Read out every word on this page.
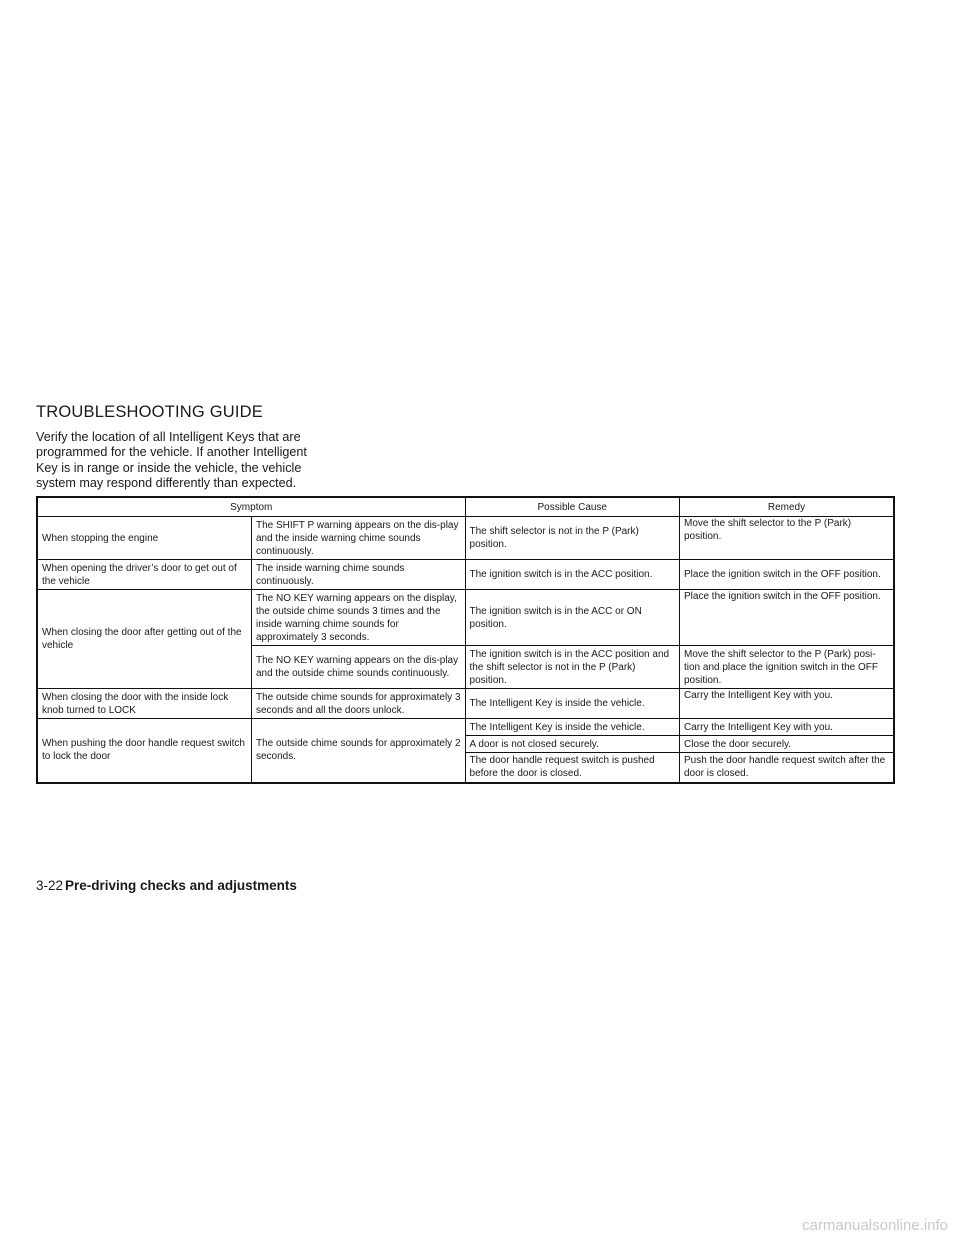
TROUBLESHOOTING GUIDE

Verify the location of all Intelligent Keys that are
programmed for the vehicle. If another Intelligent
Key is in range or inside the vehicle, the vehicle
system may respond differently than expected.

Symptom		Possible Cause	Remedy
When stopping the engine	The SHIFT P warning appears on the dis-play and the inside warning chime sounds continuously.	The shift selector is not in the P (Park) position.	Move the shift selector to the P (Park) position.
When opening the driver’s door to get out of the vehicle	The inside warning chime sounds continuously.	The ignition switch is in the ACC position.	Place the ignition switch in the OFF position.
When closing the door after getting out of the vehicle	The NO KEY warning appears on the display, the outside chime sounds 3 times and the inside warning chime sounds for approximately 3 seconds.	The ignition switch is in the ACC or ON position.	Place the ignition switch in the OFF position.
	The NO KEY warning appears on the dis-play and the outside chime sounds continuously.	The ignition switch is in the ACC position and the shift selector is not in the P (Park) position.	Move the shift selector to the P (Park) posi-tion and place the ignition switch in the OFF position.
When closing the door with the inside lock knob turned to LOCK	The outside chime sounds for approximately 3 seconds and all the doors unlock.	The Intelligent Key is inside the vehicle.	Carry the Intelligent Key with you.
When pushing the door handle request switch to lock the door	The outside chime sounds for approximately 2 seconds.	The Intelligent Key is inside the vehicle.	Carry the Intelligent Key with you.
		A door is not closed securely.	Close the door securely.
		The door handle request switch is pushed before the door is closed.	Push the door handle request switch after the door is closed.
3-22 Pre-driving checks and adjustments
carmanualsonline.info
